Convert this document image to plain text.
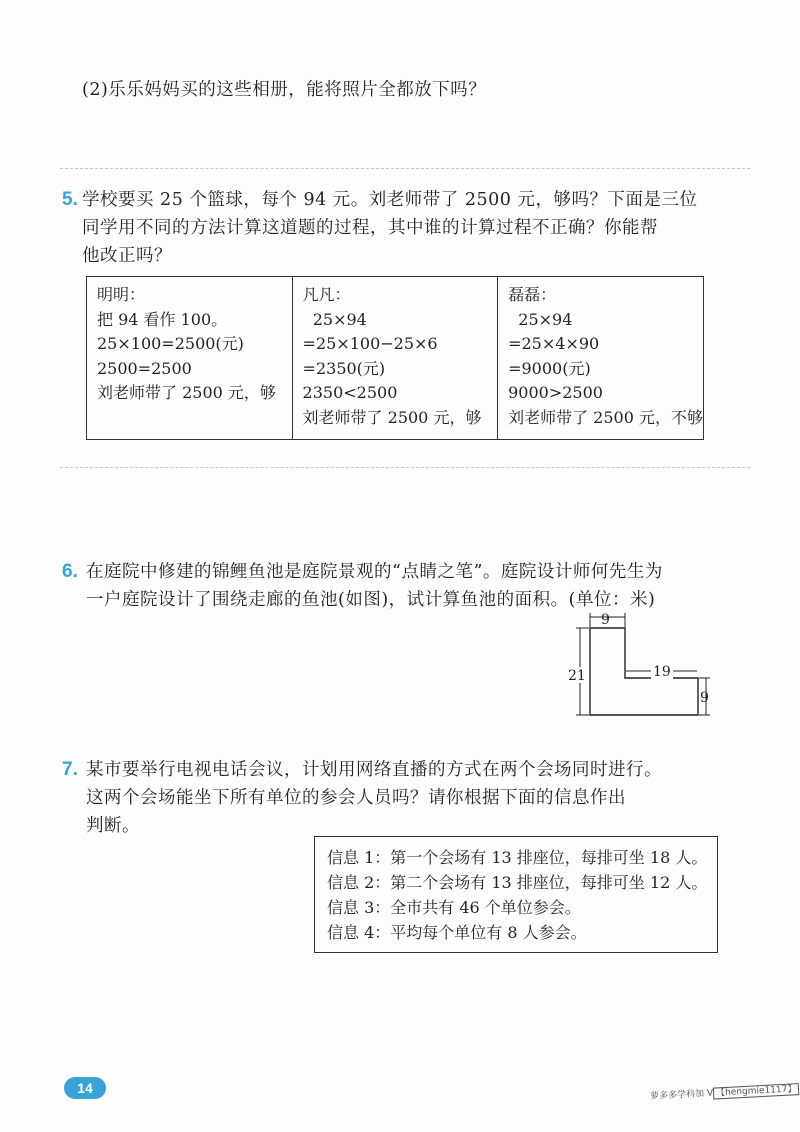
(2)乐乐妈妈买的这些相册，能将照片全都放下吗？
5. 学校要买 25 个篮球，每个 94 元。刘老师带了 2500 元，够吗？下面是三位
同学用不同的方法计算这道题的过程，其中谁的计算过程不正确？你能帮
他改正吗？
明明：
把 94 看作 100。
25×100=2500(元)
2500=2500
刘老师带了 2500 元，够
凡凡：
25×94
=25×100−25×6
=2350(元)
2350<2500
刘老师带了 2500 元，够
磊磊：
25×94
=25×4×90
=9000(元)
9000>2500
刘老师带了 2500 元，不够
6. 在庭院中修建的锦鲤鱼池是庭院景观的“点睛之笔”。庭院设计师何先生为
一户庭院设计了围绕走廊的鱼池(如图)，试计算鱼池的面积。(单位：米)
9
21	19
9
7. 某市要举行电视电话会议，计划用网络直播的方式在两个会场同时进行。
这两个会场能坐下所有单位的参会人员吗？请你根据下面的信息作出
判断。
信息 1：第一个会场有 13 排座位，每排可坐 18 人。
信息 2：第二个会场有 13 排座位，每排可坐 12 人。
信息 3：全市共有 46 个单位参会。
信息 4：平均每个单位有 8 人参会。
14	萝多多学科加 V 【hengmie1117】
